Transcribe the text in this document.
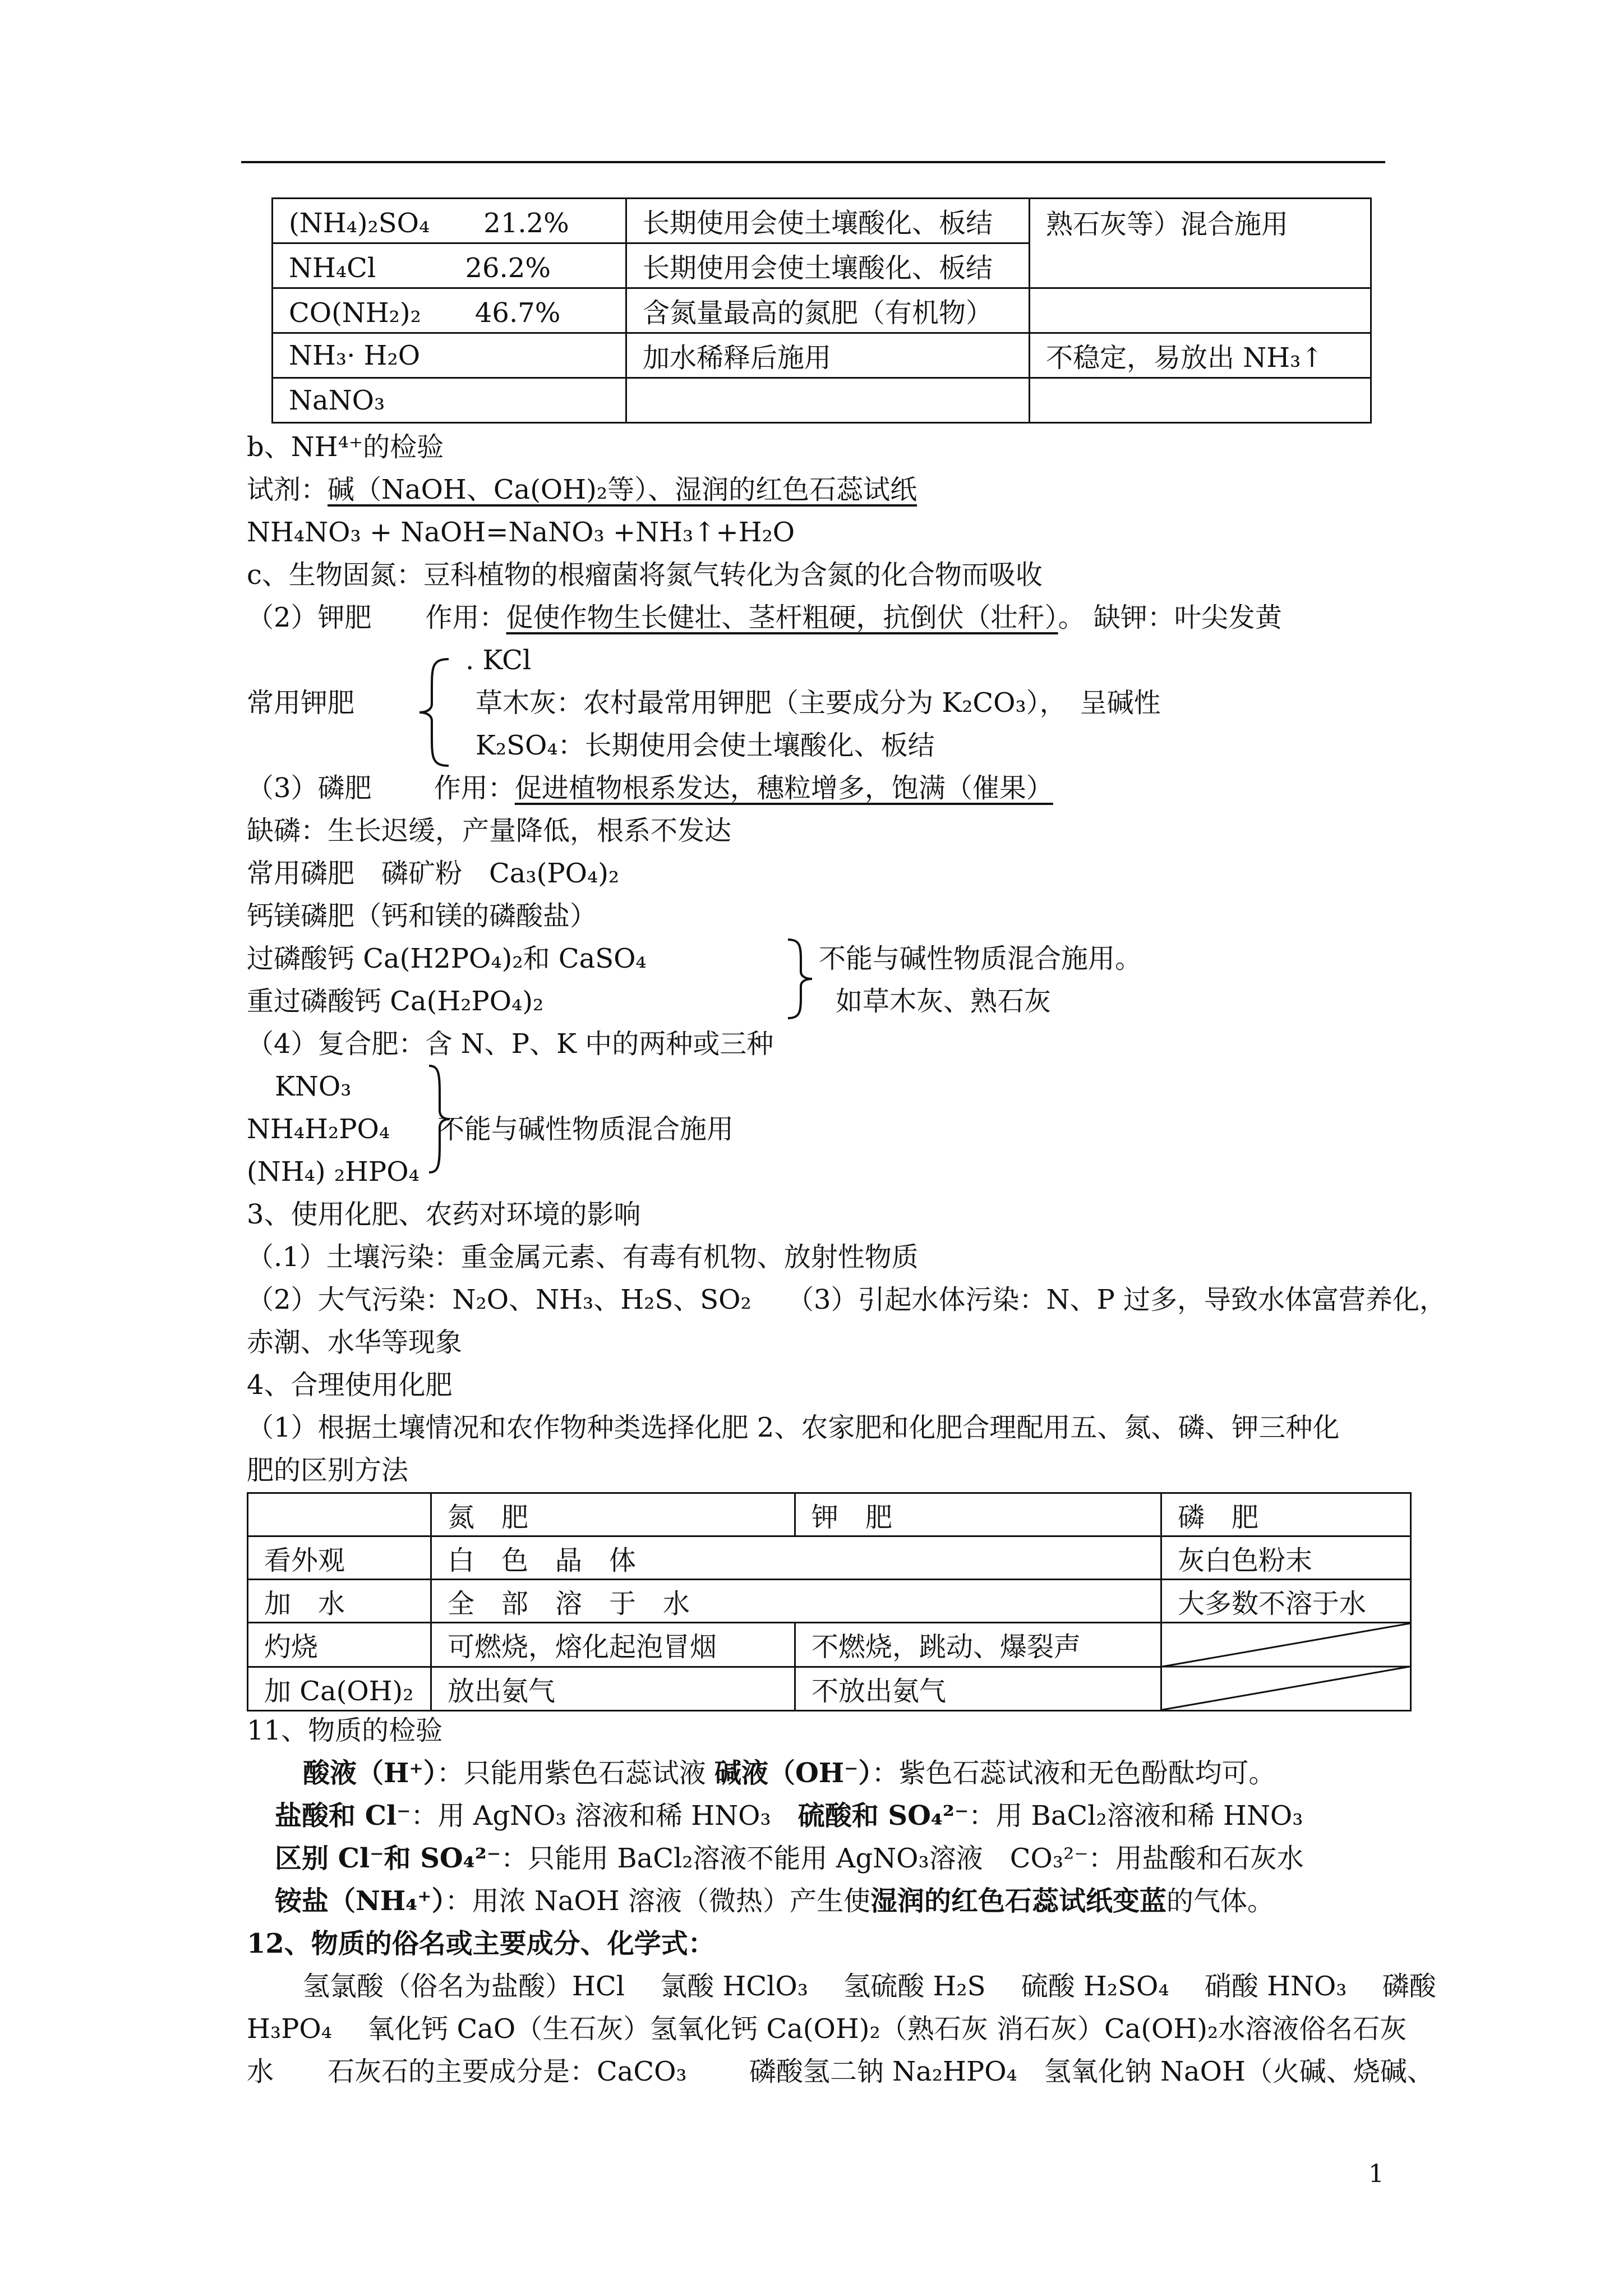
(NH₄)₂SO₄　　21.2%	长期使用会使土壤酸化、板结	熟石灰等）混合施用
NH₄Cl　　　 26.2%	长期使用会使土壤酸化、板结	
CO(NH₂)₂　　46.7%	含氮量最高的氮肥（有机物）	
NH₃· H₂O	加水稀释后施用	不稳定，易放出 NH₃↑
NaNO₃		
b、NH⁴⁺的检验
试剂：碱（NaOH、Ca(OH)₂等）、湿润的红色石蕊试纸
NH₄NO₃ + NaOH=NaNO₃ +NH₃↑+H₂O
c、生物固氮：豆科植物的根瘤菌将氮气转化为含氮的化合物而吸收
（2）钾肥　　作用：促使作物生长健壮、茎杆粗硬，抗倒伏（壮秆）。 缺钾：叶尖发黄
. KCl
常用钾肥	草木灰：农村最常用钾肥（主要成分为 K₂CO₃），　呈碱性
K₂SO₄：长期使用会使土壤酸化、板结
（3）磷肥　　 作用：促进植物根系发达，穗粒增多，饱满（催果）
缺磷：生长迟缓，产量降低，根系不发达
常用磷肥　磷矿粉　Ca₃(PO₄)₂
钙镁磷肥（钙和镁的磷酸盐）
过磷酸钙 Ca(H2PO₄)₂和 CaSO₄	不能与碱性物质混合施用。
重过磷酸钙 Ca(H₂PO₄)₂	如草木灰、熟石灰
（4）复合肥：含 N、P、K 中的两种或三种
KNO₃
NH₄H₂PO₄ 不能与碱性物质混合施用
(NH₄) ₂HPO₄
3、使用化肥、农药对环境的影响
（.1）土壤污染：重金属元素、有毒有机物、放射性物质
（2）大气污染：N₂O、NH₃、H₂S、SO₂　 （3）引起水体污染：N、P 过多，导致水体富营养化，
赤潮、水华等现象
4、合理使用化肥
（1）根据土壤情况和农作物种类选择化肥 2、农家肥和化肥合理配用五、氮、磷、钾三种化
肥的区别方法
	氮　肥	钾　肥	磷　肥
看外观	白　色　晶　体		灰白色粉末
加　水	全　部　溶　于　水		大多数不溶于水
灼烧	可燃烧，熔化起泡冒烟	不燃烧，跳动、爆裂声	

加 Ca(OH)₂	放出氨气	不放出氨气	
11、物质的检验
酸液（H⁺）：只能用紫色石蕊试液 碱液（OH⁻）：紫色石蕊试液和无色酚酞均可。
盐酸和 Cl⁻：用 AgNO₃ 溶液和稀 HNO₃　硫酸和 SO₄²⁻：用 BaCl₂溶液和稀 HNO₃
区别 Cl⁻和 SO₄²⁻：只能用 BaCl₂溶液不能用 AgNO₃溶液　CO₃²⁻：用盐酸和石灰水
铵盐（NH₄⁺）：用浓 NaOH 溶液（微热）产生使湿润的红色石蕊试纸变蓝的气体。
12、物质的俗名或主要成分、化学式：
氢氯酸（俗名为盐酸）HCl　 氯酸 HClO₃　 氢硫酸 H₂S　 硫酸 H₂SO₄　 硝酸 HNO₃　 磷酸
H₃PO₄　 氧化钙 CaO（生石灰）氢氧化钙 Ca(OH)₂（熟石灰 消石灰）Ca(OH)₂水溶液俗名石灰
水　　石灰石的主要成分是：CaCO₃　　 磷酸氢二钠 Na₂HPO₄　氢氧化钠 NaOH（火碱、烧碱、
1
